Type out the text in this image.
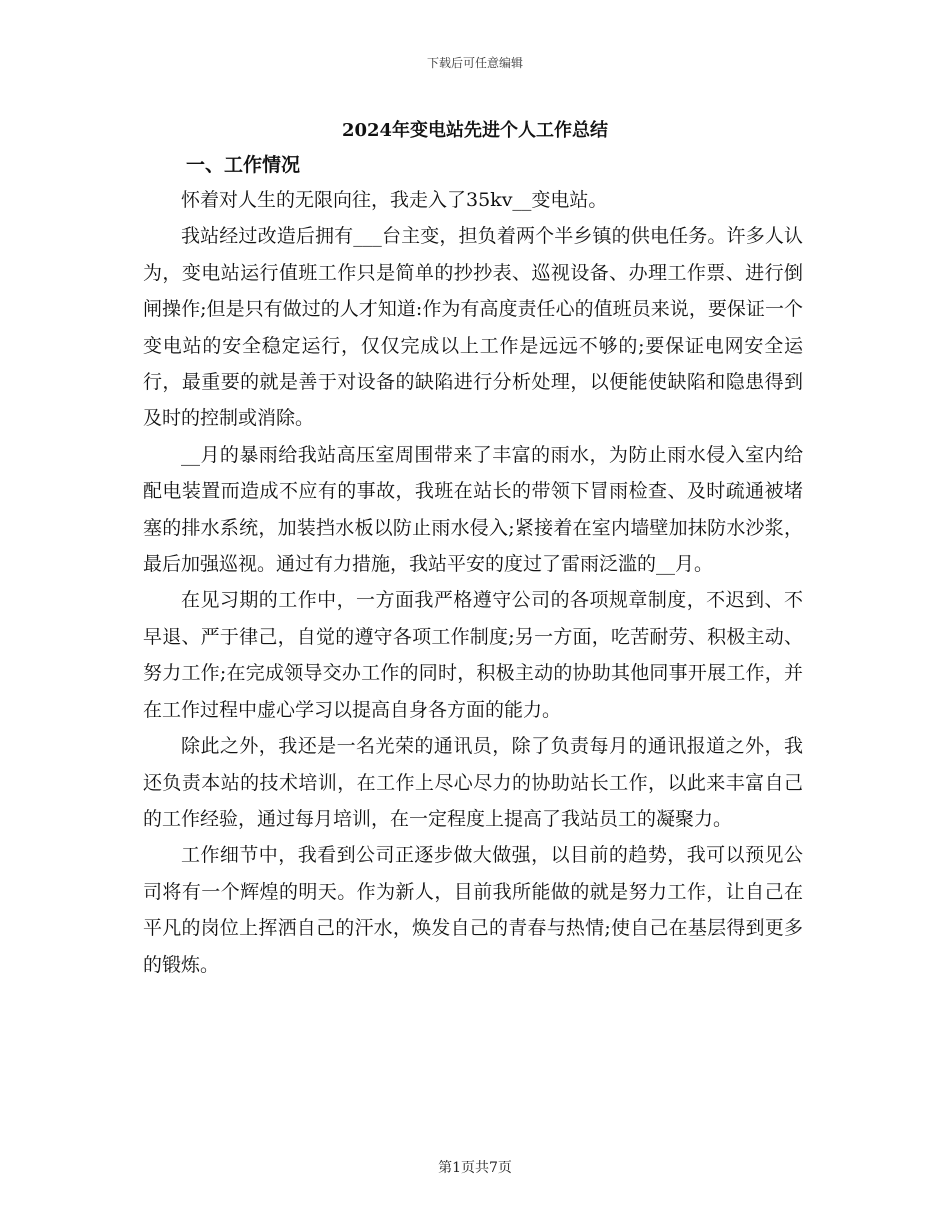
下载后可任意编辑
2024年变电站先进个人工作总结
一、工作情况

怀着对人生的无限向往，我走入了35kv__变电站。

我站经过改造后拥有___台主变，担负着两个半乡镇的供电任务。许多人认为，变电站运行值班工作只是简单的抄抄表、巡视设备、办理工作票、进行倒闸操作;但是只有做过的人才知道:作为有高度责任心的值班员来说，要保证一个变电站的安全稳定运行，仅仅完成以上工作是远远不够的;要保证电网安全运行，最重要的就是善于对设备的缺陷进行分析处理，以便能使缺陷和隐患得到及时的控制或消除。

__月的暴雨给我站高压室周围带来了丰富的雨水，为防止雨水侵入室内给配电装置而造成不应有的事故，我班在站长的带领下冒雨检查、及时疏通被堵塞的排水系统，加装挡水板以防止雨水侵入;紧接着在室内墙壁加抹防水沙浆，最后加强巡视。通过有力措施，我站平安的度过了雷雨泛滥的__月。

在见习期的工作中，一方面我严格遵守公司的各项规章制度，不迟到、不早退、严于律己，自觉的遵守各项工作制度;另一方面，吃苦耐劳、积极主动、努力工作;在完成领导交办工作的同时，积极主动的协助其他同事开展工作，并在工作过程中虚心学习以提高自身各方面的能力。

除此之外，我还是一名光荣的通讯员，除了负责每月的通讯报道之外，我还负责本站的技术培训，在工作上尽心尽力的协助站长工作，以此来丰富自己的工作经验，通过每月培训，在一定程度上提高了我站员工的凝聚力。

工作细节中，我看到公司正逐步做大做强，以目前的趋势，我可以预见公司将有一个辉煌的明天。作为新人，目前我所能做的就是努力工作，让自己在平凡的岗位上挥洒自己的汗水，焕发自己的青春与热情;使自己在基层得到更多的锻炼。

第1页共7页
